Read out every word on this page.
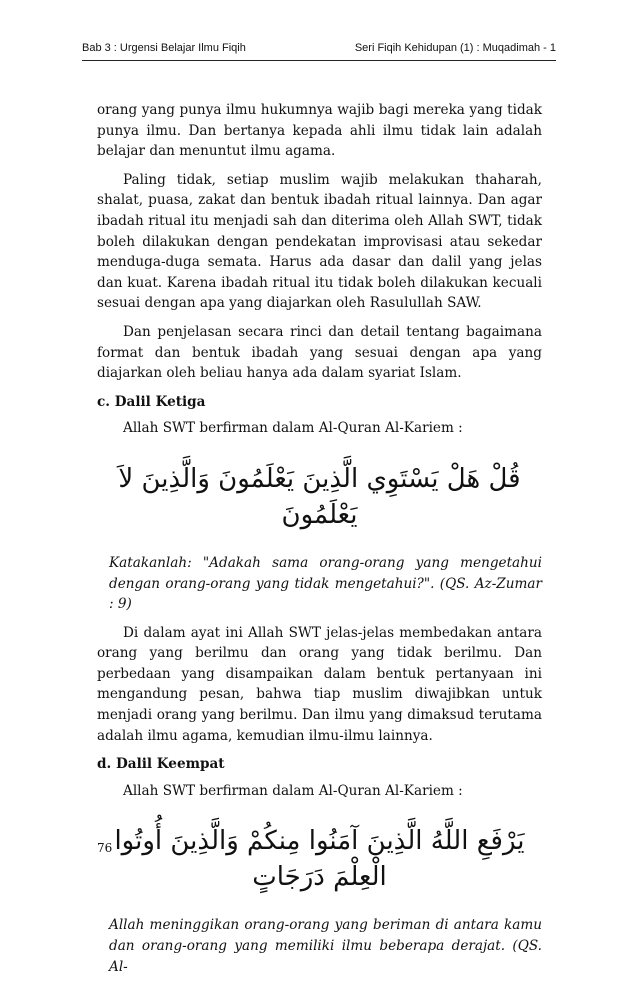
Bab 3 : Urgensi Belajar Ilmu Fiqih	Seri Fiqih Kehidupan (1) : Muqadimah - 1

orang yang punya ilmu hukumnya wajib bagi mereka yang tidak punya ilmu. Dan bertanya kepada ahli ilmu tidak lain adalah belajar dan menuntut ilmu agama.

Paling tidak, setiap muslim wajib melakukan thaharah, shalat, puasa, zakat dan bentuk ibadah ritual lainnya. Dan agar ibadah ritual itu menjadi sah dan diterima oleh Allah SWT, tidak boleh dilakukan dengan pendekatan improvisasi atau sekedar menduga-duga semata. Harus ada dasar dan dalil yang jelas dan kuat. Karena ibadah ritual itu tidak boleh dilakukan kecuali sesuai dengan apa yang diajarkan oleh Rasulullah SAW.

Dan penjelasan secara rinci dan detail tentang bagaimana format dan bentuk ibadah yang sesuai dengan apa yang diajarkan oleh beliau hanya ada dalam syariat Islam.

c. Dalil Ketiga

Allah SWT berfirman dalam Al-Quran Al-Kariem :

قُلْ هَلْ يَسْتَوِي الَّذِينَ يَعْلَمُونَ وَالَّذِينَ لاَ يَعْلَمُونَ

Katakanlah: "Adakah sama orang-orang yang mengetahui dengan orang-orang yang tidak mengetahui?". (QS. Az-Zumar : 9)

Di dalam ayat ini Allah SWT jelas-jelas membedakan antara orang yang berilmu dan orang yang tidak berilmu. Dan perbedaan yang disampaikan dalam bentuk pertanyaan ini mengandung pesan, bahwa tiap muslim diwajibkan untuk menjadi orang yang berilmu. Dan ilmu yang dimaksud terutama adalah ilmu agama, kemudian ilmu-ilmu lainnya.

d. Dalil Keempat

Allah SWT berfirman dalam Al-Quran Al-Kariem :

يَرْفَعِ اللَّهُ الَّذِينَ آمَنُوا مِنكُمْ وَالَّذِينَ أُوتُوا الْعِلْمَ دَرَجَاتٍ

Allah meninggikan orang-orang yang beriman di antara kamu dan orang-orang yang memiliki ilmu beberapa derajat. (QS. Al-

76
